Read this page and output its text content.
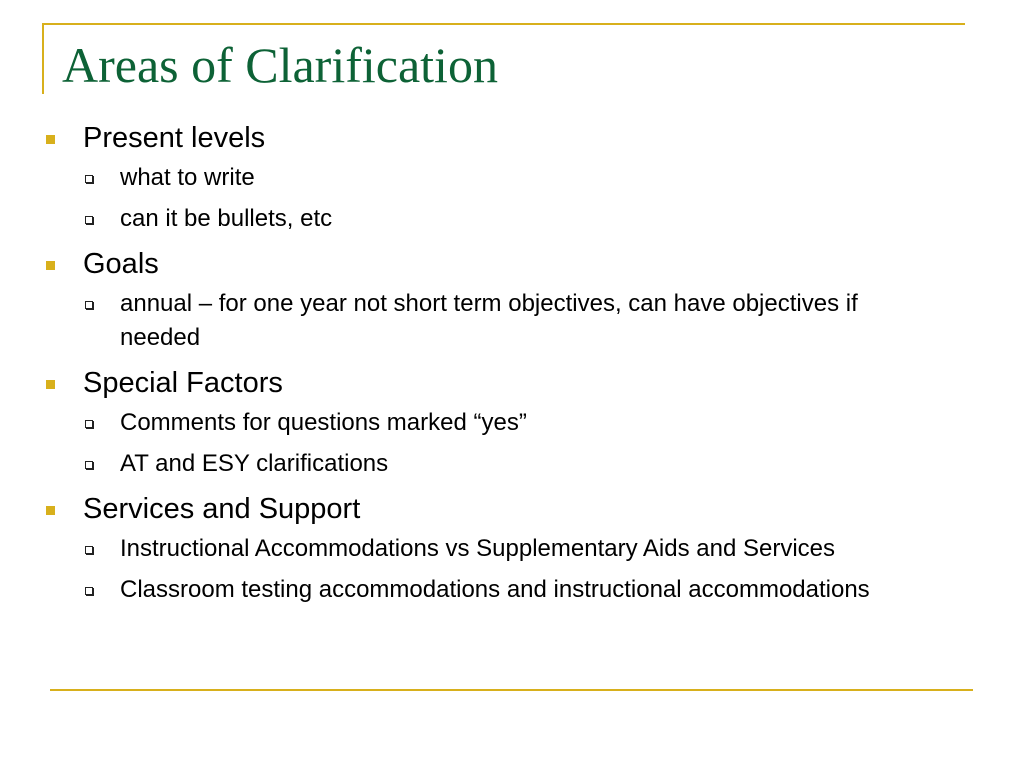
Areas of Clarification
Present levels
what to write
can it be bullets, etc
Goals
annual – for one year not short term objectives, can have objectives if needed
Special Factors
Comments for questions marked “yes”
AT and ESY clarifications
Services and Support
Instructional Accommodations vs Supplementary Aids and Services
Classroom testing accommodations and instructional accommodations
